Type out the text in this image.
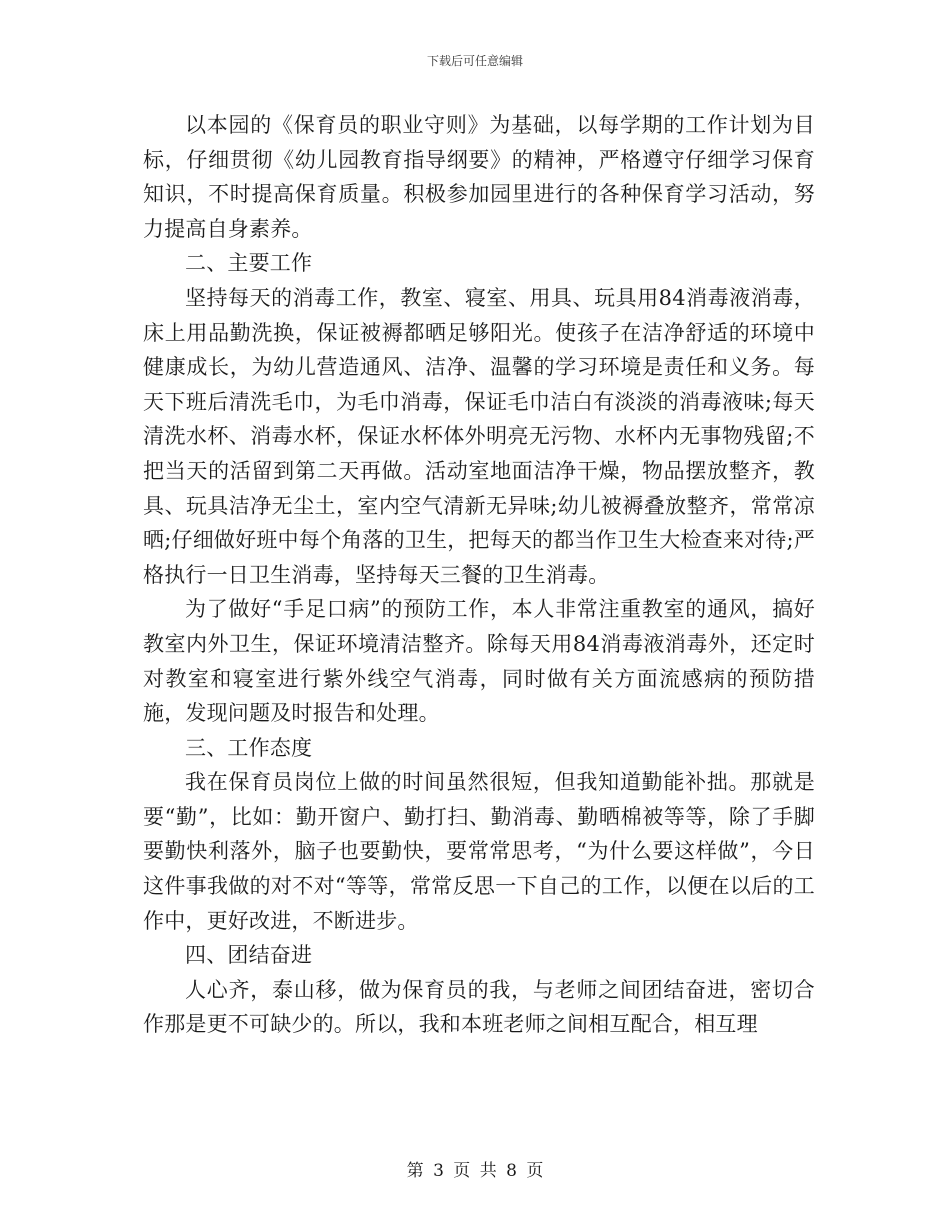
下载后可任意编辑

以本园的《保育员的职业守则》为基础，以每学期的工作计划为目标，仔细贯彻《幼儿园教育指导纲要》的精神，严格遵守仔细学习保育知识，不时提高保育质量。积极参加园里进行的各种保育学习活动，努力提高自身素养。

二、主要工作

坚持每天的消毒工作，教室、寝室、用具、玩具用84消毒液消毒，床上用品勤洗换，保证被褥都晒足够阳光。使孩子在洁净舒适的环境中健康成长，为幼儿营造通风、洁净、温馨的学习环境是责任和义务。每天下班后清洗毛巾，为毛巾消毒，保证毛巾洁白有淡淡的消毒液味;每天清洗水杯、消毒水杯，保证水杯体外明亮无污物、水杯内无事物残留;不把当天的活留到第二天再做。活动室地面洁净干燥，物品摆放整齐，教具、玩具洁净无尘土，室内空气清新无异味;幼儿被褥叠放整齐，常常凉晒;仔细做好班中每个角落的卫生，把每天的都当作卫生大检查来对待;严格执行一日卫生消毒，坚持每天三餐的卫生消毒。

为了做好“手足口病”的预防工作，本人非常注重教室的通风，搞好教室内外卫生，保证环境清洁整齐。除每天用84消毒液消毒外，还定时对教室和寝室进行紫外线空气消毒，同时做有关方面流感病的预防措施，发现问题及时报告和处理。

三、工作态度

我在保育员岗位上做的时间虽然很短，但我知道勤能补拙。那就是要“勤”，比如：勤开窗户、勤打扫、勤消毒、勤晒棉被等等，除了手脚要勤快利落外，脑子也要勤快，要常常思考，“为什么要这样做”，今日这件事我做的对不对“等等，常常反思一下自己的工作，以便在以后的工作中，更好改进，不断进步。

四、团结奋进

人心齐，泰山移，做为保育员的我，与老师之间团结奋进，密切合作那是更不可缺少的。所以，我和本班老师之间相互配合，相互理

第 3 页 共 8 页
